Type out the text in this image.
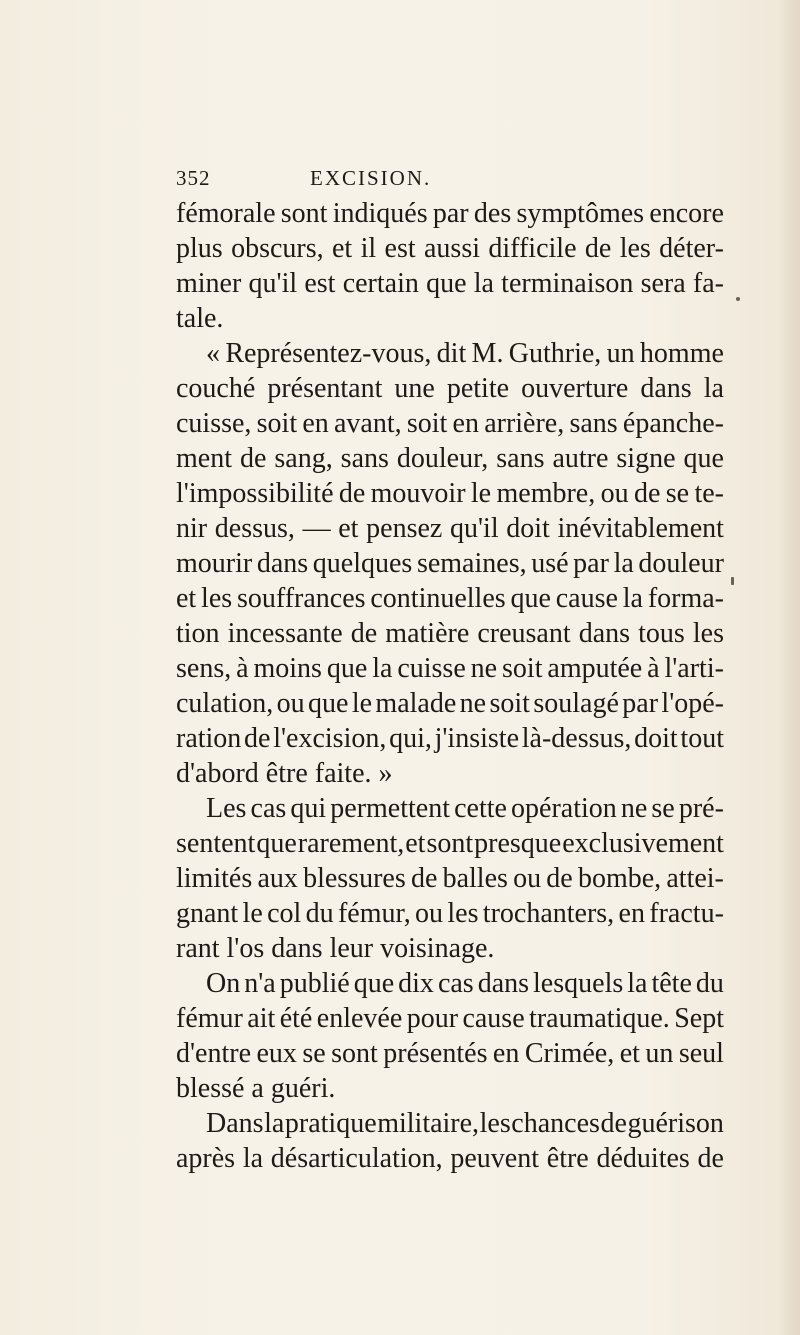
352	EXCISION.
fémorale sont indiqués par des symptômes encore
plus obscurs, et il est aussi difficile de les déter-
miner qu'il est certain que la terminaison sera fa-
tale.
« Représentez-vous, dit M. Guthrie, un homme
couché présentant une petite ouverture dans la
cuisse, soit en avant, soit en arrière, sans épanche-
ment de sang, sans douleur, sans autre signe que
l'impossibilité de mouvoir le membre, ou de se te-
nir dessus, — et pensez qu'il doit inévitablement
mourir dans quelques semaines, usé par la douleur
et les souffrances continuelles que cause la forma-
tion incessante de matière creusant dans tous les
sens, à moins que la cuisse ne soit amputée à l'arti-
culation, ou que le malade ne soit soulagé par l'opé-
ration de l'excision, qui, j'insiste là-dessus, doit tout
d'abord être faite. »
Les cas qui permettent cette opération ne se pré-
sentent que rarement, et sont presque exclusivement
limités aux blessures de balles ou de bombe, attei-
gnant le col du fémur, ou les trochanters, en fractu-
rant l'os dans leur voisinage.
On n'a publié que dix cas dans lesquels la tête du
fémur ait été enlevée pour cause traumatique. Sept
d'entre eux se sont présentés en Crimée, et un seul
blessé a guéri.
Dans la pratique militaire, les chances de guérison
après la désarticulation, peuvent être déduites de
